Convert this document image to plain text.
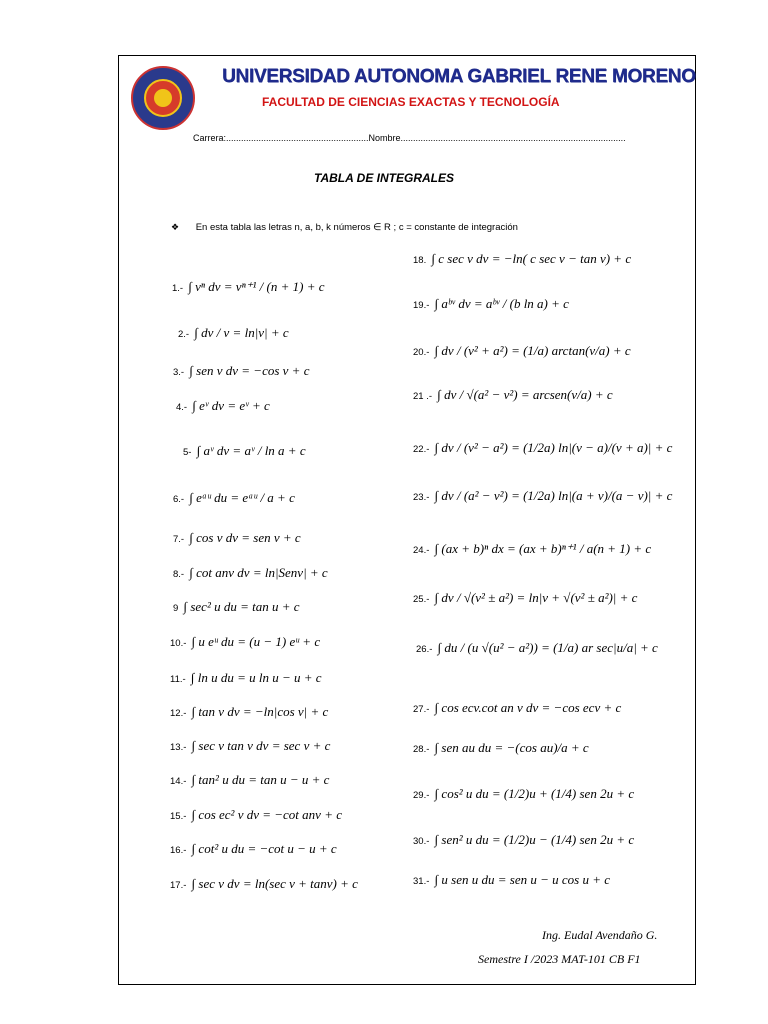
UNIVERSIDAD AUTONOMA GABRIEL RENE MORENO
FACULTAD DE CIENCIAS EXACTAS Y TECNOLOGÍA
Carrera:.........................................................Nombre..........................................................................................
TABLA DE INTEGRALES
❖ En esta tabla las letras n, a, b, k números ∈ R ; c = constante de integración
1.- ∫ vⁿ dv = vⁿ⁺¹ / (n + 1) + c
2.- ∫ dv / v = ln|v| + c
3.- ∫ sen v dv = −cos v + c
4.- ∫ eᵛ dv = eᵛ + c
5- ∫ aᵛ dv = aᵛ / ln a + c
6.- ∫ eᵃᵘ du = eᵃᵘ / a + c
7.- ∫ cos v dv = sen v + c
8.- ∫ cot anv dv = ln|Senv| + c
9 ∫ sec² u du = tan u + c
10.- ∫ u eᵘ du = (u − 1) eᵘ + c
11.- ∫ ln u du = u ln u − u + c
12.- ∫ tan v dv = −ln|cos v| + c
13.- ∫ sec v tan v dv = sec v + c
14.- ∫ tan² u du = tan u − u + c
15.- ∫ cos ec² v dv = −cot anv + c
16.- ∫ cot² u du = −cot u − u + c
17.- ∫ sec v dv = ln(sec v + tanv) + c
18. ∫ c sec v dv = −ln( c sec v − tan v) + c
19.- ∫ aᵇᵛ dv = aᵇᵛ / (b ln a) + c
20.- ∫ dv / (v² + a²) = (1/a) arctan(v/a) + c
21 .- ∫ dv / √(a² − v²) = arcsen(v/a) + c
22.- ∫ dv / (v² − a²) = (1/2a) ln|(v − a)/(v + a)| + c
23.- ∫ dv / (a² − v²) = (1/2a) ln|(a + v)/(a − v)| + c
24.- ∫ (ax + b)ⁿ dx = (ax + b)ⁿ⁺¹ / a(n + 1) + c
25.- ∫ dv / √(v² ± a²) = ln|v + √(v² ± a²)| + c
26.- ∫ du / (u √(u² − a²)) = (1/a) ar sec|u/a| + c
27.- ∫ cos ecv.cot an v dv = −cos ecv + c
28.- ∫ sen au du = −(cos au)/a + c
29.- ∫ cos² u du = (1/2)u + (1/4) sen 2u + c
30.- ∫ sen² u du = (1/2)u − (1/4) sen 2u + c
31.- ∫ u sen u du = sen u − u cos u + c
Ing. Eudal Avendaño G.
Semestre I /2023 MAT-101 CB F1
